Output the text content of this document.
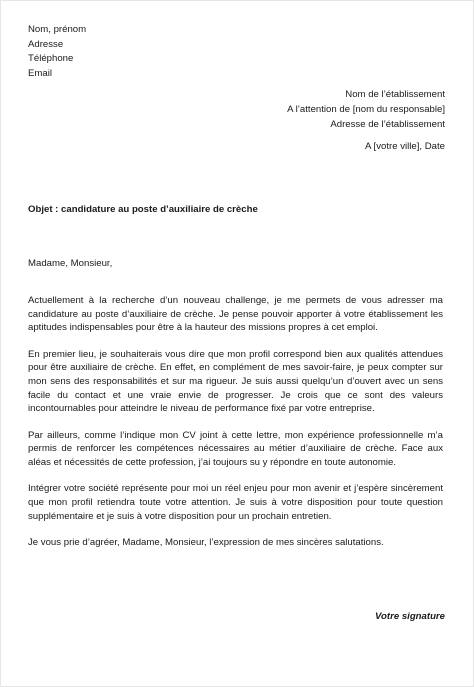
Nom, prénom
Adresse
Téléphone
Email
Nom de l’établissement
A l’attention de [nom du responsable]
Adresse de l’établissement
A [votre ville], Date
Objet : candidature au poste d’auxiliaire de crèche
Madame, Monsieur,

Actuellement à la recherche d’un nouveau challenge, je me permets de vous adresser ma candidature au poste d’auxiliaire de crèche. Je pense pouvoir apporter à votre établissement les aptitudes indispensables pour être à la hauteur des missions propres à cet emploi.

En premier lieu, je souhaiterais vous dire que mon profil correspond bien aux qualités attendues pour être auxiliaire de crèche. En effet, en complément de mes savoir-faire, je peux compter sur mon sens des responsabilités et sur ma rigueur. Je suis aussi quelqu’un d’ouvert avec un sens facile du contact et une vraie envie de progresser. Je crois que ce sont des valeurs incontournables pour atteindre le niveau de performance fixé par votre entreprise.

Par ailleurs, comme l’indique mon CV joint à cette lettre, mon expérience professionnelle m’a permis de renforcer les compétences nécessaires au métier d’auxiliaire de crèche. Face aux aléas et nécessités de cette profession, j’ai toujours su y répondre en toute autonomie.

Intégrer votre société représente pour moi un réel enjeu pour mon avenir et j’espère sincèrement que mon profil retiendra toute votre attention. Je suis à votre disposition pour toute question supplémentaire et je suis à votre disposition pour un prochain entretien.

Je vous prie d’agréer, Madame, Monsieur, l’expression de mes sincères salutations.

Votre signature
